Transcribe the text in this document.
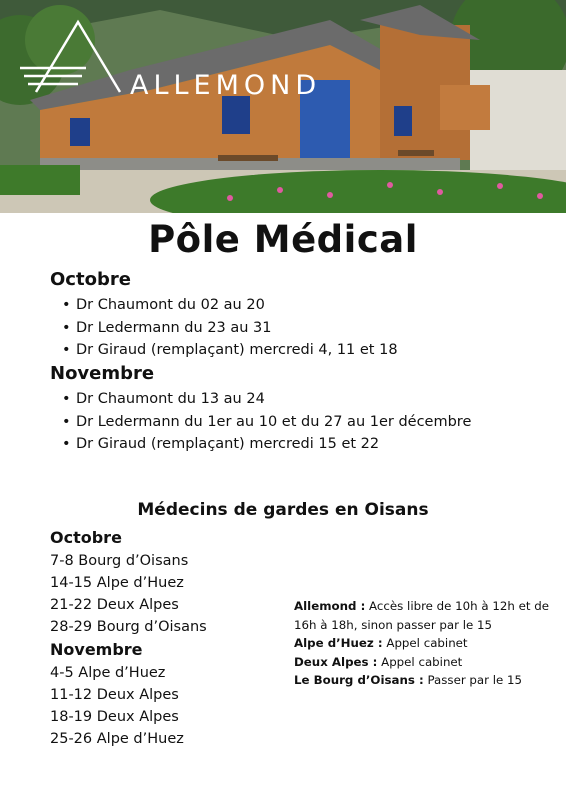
ALLEMOND
Pôle Médical
Octobre
• Dr Chaumont du 02 au 20
• Dr Ledermann du 23 au 31
• Dr Giraud (remplaçant) mercredi 4, 11 et 18
Novembre
• Dr Chaumont du 13 au 24
• Dr Ledermann du 1er au 10 et du 27 au 1er décembre
• Dr Giraud (remplaçant) mercredi 15 et 22
Médecins de gardes en Oisans
Octobre
7-8 Bourg d’Oisans
14-15 Alpe d’Huez
21-22 Deux Alpes
28-29 Bourg d’Oisans
Novembre
4-5 Alpe d’Huez
11-12 Deux Alpes
18-19 Deux Alpes
25-26 Alpe d’Huez

Allemond : Accès libre de 10h à 12h et de 16h à 18h, sinon passer par le 15

Alpe d’Huez : Appel cabinet

Deux Alpes : Appel cabinet

Le Bourg d’Oisans : Passer par le 15
